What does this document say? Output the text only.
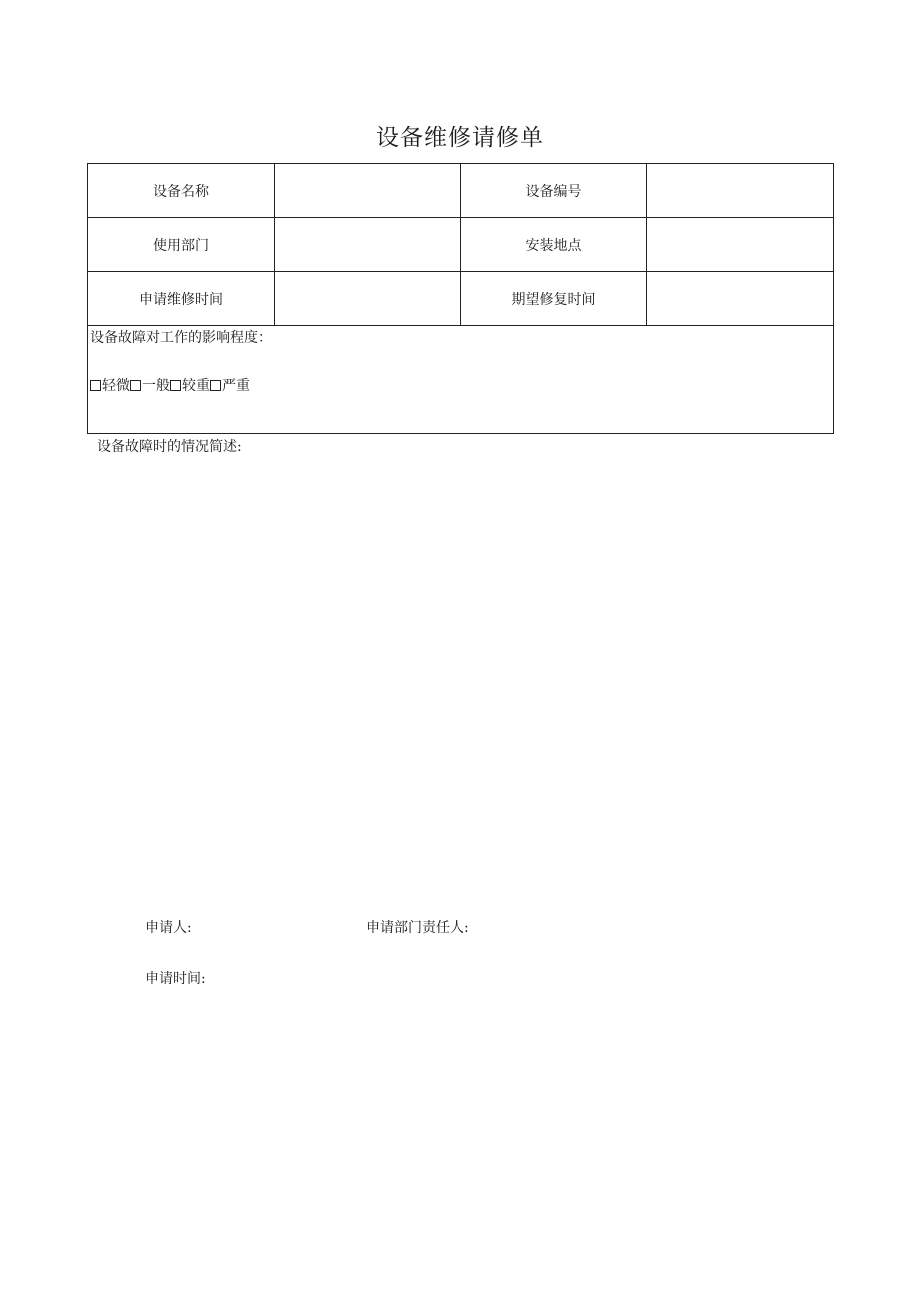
设备维修请修单
设备名称		设备编号	
使用部门		安装地点	
申请维修时间		期望修复时间	

设备故障对工作的影响程度：
轻微 一般 较重 严重			
设备故障时的情况简述:
申请人:	申请部门责任人:
申请时间:
